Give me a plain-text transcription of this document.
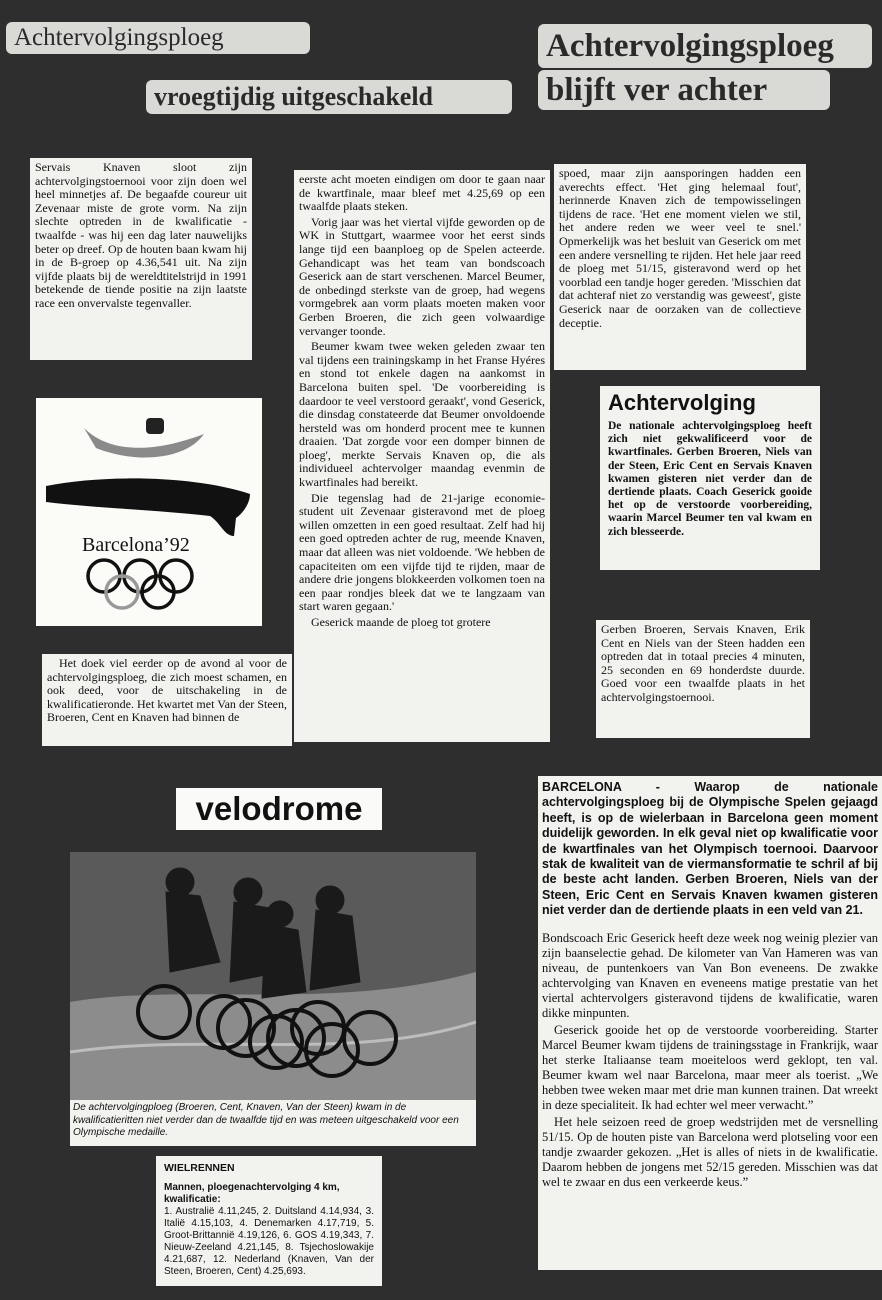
Achtervolgingsploeg
vroegtijdig uitgeschakeld
Achtervolgingsploeg
blijft ver achter

Servais Knaven sloot zijn achtervolgingstoernooi voor zijn doen wel heel minnetjes af. De begaafde coureur uit Zevenaar miste de grote vorm. Na zijn slechte optreden in de kwalificatie - twaalfde - was hij een dag later nauwelijks beter op dreef. Op de houten baan kwam hij in de B-groep op 4.36,541 uit. Na zijn vijfde plaats bij de wereldtitelstrijd in 1991 betekende de tiende positie na zijn laatste race een onvervalste tegenvaller.

Barcelona’92

Het doek viel eerder op de avond al voor de achtervolgingsploeg, die zich moest schamen, en ook deed, voor de uitschakeling in de kwalificatieronde. Het kwartet met Van der Steen, Broeren, Cent en Knaven had binnen de

eerste acht moeten eindigen om door te gaan naar de kwartfinale, maar bleef met 4.25,69 op een twaalfde plaats steken.

Vorig jaar was het viertal vijfde geworden op de WK in Stuttgart, waarmee voor het eerst sinds lange tijd een baanploeg op de Spelen acteerde. Gehandicapt was het team van bondscoach Geserick aan de start verschenen. Marcel Beumer, de onbedingd sterkste van de groep, had wegens vormgebrek aan vorm plaats moeten maken voor Gerben Broeren, die zich geen volwaardige vervanger toonde.

Beumer kwam twee weken geleden zwaar ten val tijdens een trainingskamp in het Franse Hyéres en stond tot enkele dagen na aankomst in Barcelona buiten spel. 'De voorbereiding is daardoor te veel verstoord geraakt', vond Geserick, die dinsdag constateerde dat Beumer onvoldoende hersteld was om honderd procent mee te kunnen draaien. 'Dat zorgde voor een domper binnen de ploeg', merkte Servais Knaven op, die als individueel achtervolger maandag evenmin de kwartfinales had bereikt.

Die tegenslag had de 21-jarige economie-student uit Zevenaar gisteravond met de ploeg willen omzetten in een goed resultaat. Zelf had hij een goed optreden achter de rug, meende Knaven, maar dat alleen was niet voldoende. 'We hebben de capaciteiten om een vijfde tijd te rijden, maar de andere drie jongens blokkeerden volkomen toen na een paar rondjes bleek dat we te langzaam van start waren gegaan.'

Geserick maande de ploeg tot grotere

spoed, maar zijn aansporingen hadden een averechts effect. 'Het ging helemaal fout', herinnerde Knaven zich de tempowisselingen tijdens de race. 'Het ene moment vielen we stil, het andere reden we weer veel te snel.' Opmerkelijk was het besluit van Geserick om met een andere versnelling te rijden. Het hele jaar reed de ploeg met 51/15, gisteravond werd op het voorblad een tandje hoger gereden. 'Misschien dat dat achteraf niet zo verstandig was geweest', giste Geserick naar de oorzaken van de collectieve deceptie.

Achtervolging

De nationale achtervolgingsploeg heeft zich niet gekwalificeerd voor de kwartfinales. Gerben Broeren, Niels van der Steen, Eric Cent en Servais Knaven kwamen gisteren niet verder dan de dertiende plaats. Coach Geserick gooide het op de verstoorde voorbereiding, waarin Marcel Beumer ten val kwam en zich blesseerde.

Gerben Broeren, Servais Knaven, Erik Cent en Niels van der Steen hadden een optreden dat in totaal precies 4 minuten, 25 seconden en 69 honderdste duurde. Goed voor een twaalfde plaats in het achtervolgingstoernooi.

velodrome

De achtervolgingploeg (Broeren, Cent, Knaven, Van der Steen) kwam in de kwalificatieritten niet verder dan de twaalfde tijd en was meteen uitgeschakeld voor een Olympische medaille.

WIELRENNEN
Mannen, ploegenachtervolging 4 km, kwalificatie:

1. Australië 4.11,245, 2. Duitsland 4.14,934, 3. Italië 4.15,103, 4. Denemarken 4.17,719, 5. Groot-Brittannië 4.19,126, 6. GOS 4.19,343, 7. Nieuw-Zeeland 4.21,145, 8. Tsjechoslowakije 4.21,687, 12. Nederland (Knaven, Van der Steen, Broeren, Cent) 4.25,693.

BARCELONA - Waarop de nationale achtervolgingsploeg bij de Olympische Spelen gejaagd heeft, is op de wielerbaan in Barcelona geen moment duidelijk geworden. In elk geval niet op kwalificatie voor de kwartfinales van het Olympisch toernooi. Daarvoor stak de kwaliteit van de viermansformatie te schril af bij de beste acht landen. Gerben Broeren, Niels van der Steen, Eric Cent en Servais Knaven kwamen gisteren niet verder dan de dertiende plaats in een veld van 21.

Bondscoach Eric Geserick heeft deze week nog weinig plezier van zijn baanselectie gehad. De kilometer van Van Hameren was van niveau, de puntenkoers van Van Bon eveneens. De zwakke achtervolging van Knaven en eveneens matige prestatie van het viertal achtervolgers gisteravond tijdens de kwalificatie, waren dikke minpunten.

Geserick gooide het op de verstoorde voorbereiding. Starter Marcel Beumer kwam tijdens de trainingsstage in Frankrijk, waar het sterke Italiaanse team moeiteloos werd geklopt, ten val. Beumer kwam wel naar Barcelona, maar meer als toerist. „We hebben twee weken maar met drie man kunnen trainen. Dat wreekt in deze specialiteit. Ik had echter wel meer verwacht.”

Het hele seizoen reed de groep wedstrijden met de versnelling 51/15. Op de houten piste van Barcelona werd plotseling voor een tandje zwaarder gekozen. „Het is alles of niets in de kwalificatie. Daarom hebben de jongens met 52/15 gereden. Misschien was dat wel te zwaar en dus een verkeerde keus.”
